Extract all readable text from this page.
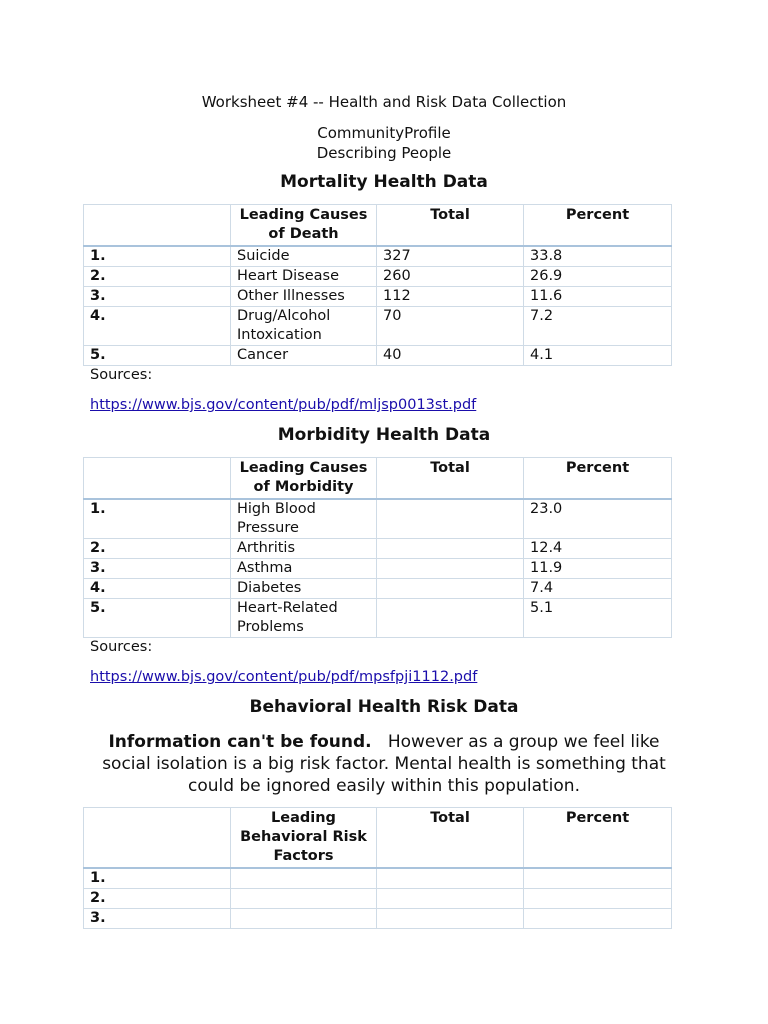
Worksheet #4 -- Health and Risk Data Collection
CommunityProfile
Describing People
Mortality Health Data
	Leading Causes of Death	Total	Percent
1.	Suicide	327	33.8
2.	Heart Disease	260	26.9
3.	Other Illnesses	112	11.6
4.	Drug/Alcohol Intoxication	70	7.2
5.	Cancer	40	4.1
Sources:
https://www.bjs.gov/content/pub/pdf/mljsp0013st.pdf
Morbidity Health Data
	Leading Causes of Morbidity	Total	Percent
1.	High Blood Pressure		23.0
2.	Arthritis		12.4
3.	Asthma		11.9
4.	Diabetes		7.4
5.	Heart-Related Problems		5.1
Sources:
https://www.bjs.gov/content/pub/pdf/mpsfpji1112.pdf
Behavioral Health Risk Data
Information can't be found. However as a group we feel like social isolation is a big risk factor. Mental health is something that could be ignored easily within this population.
	Leading Behavioral Risk Factors	Total	Percent
1.			
2.			
3.			
